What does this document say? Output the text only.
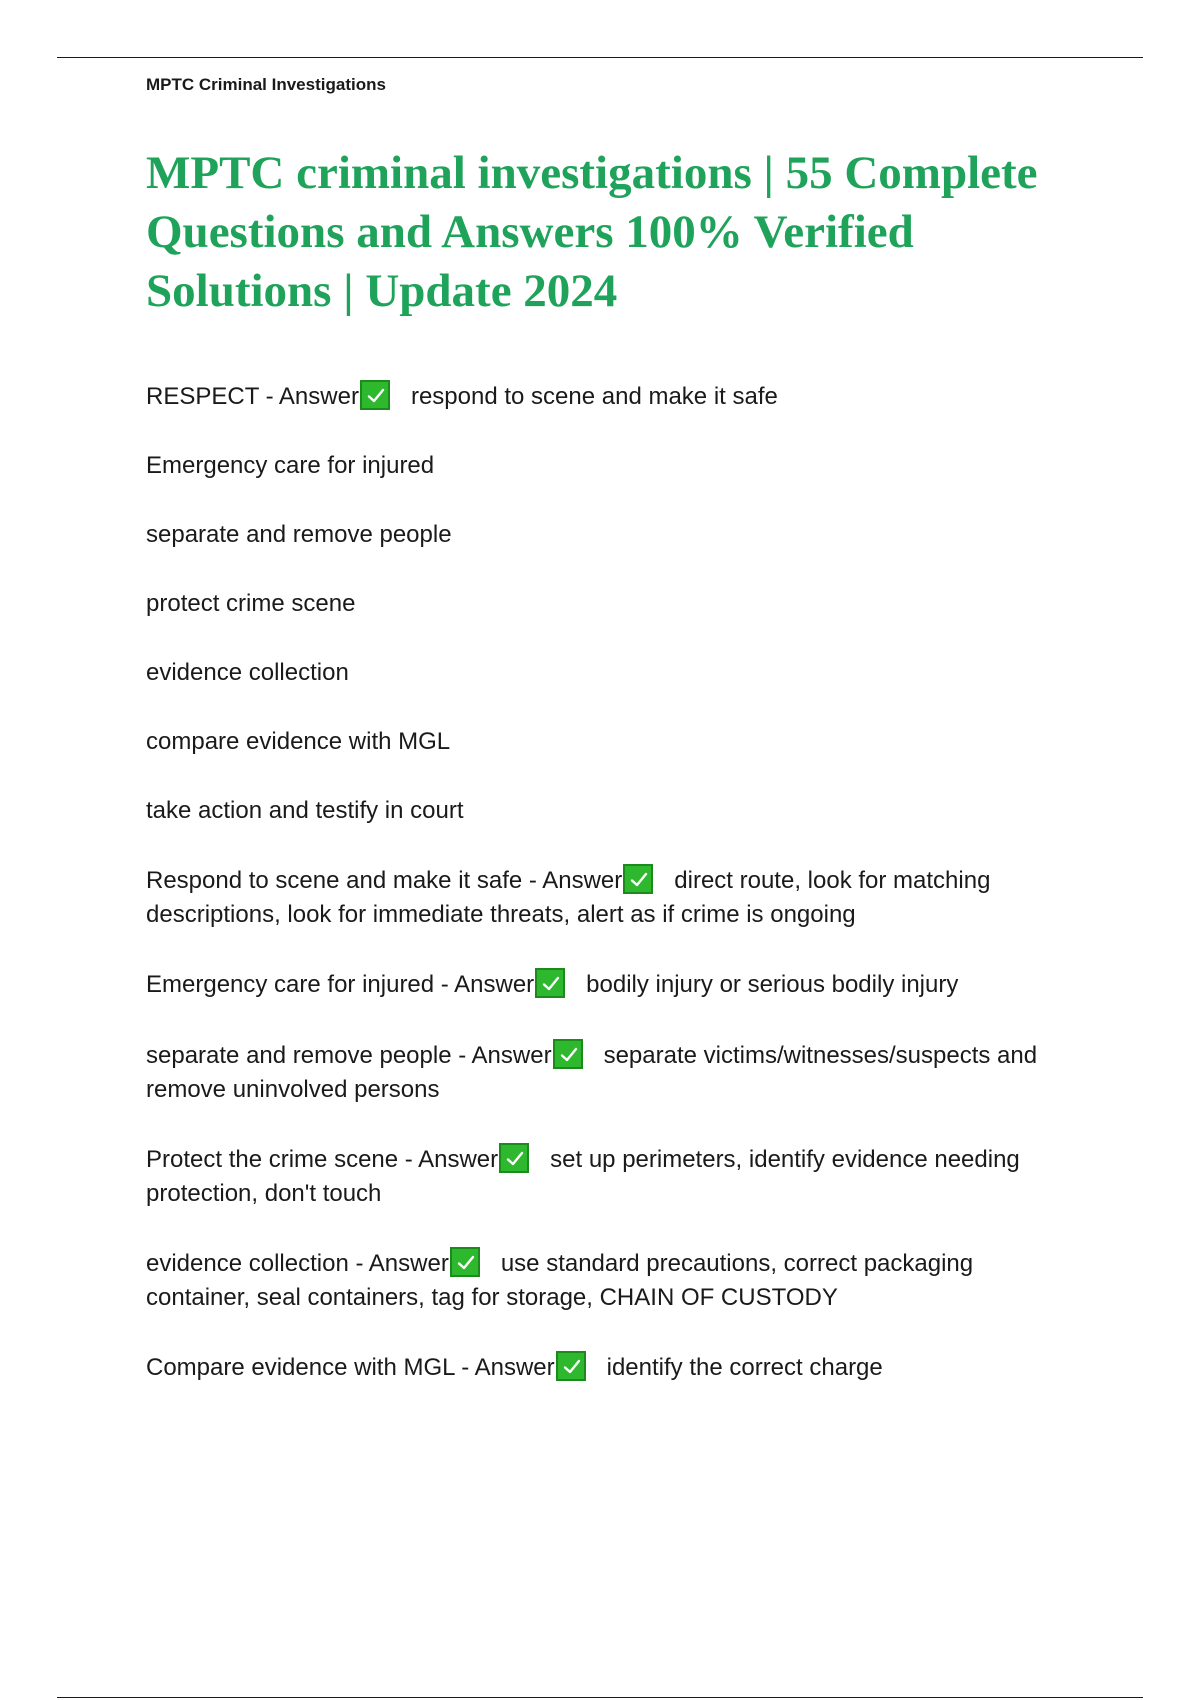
MPTC Criminal Investigations
MPTC criminal investigations | 55 Complete Questions and Answers 100% Verified Solutions | Update 2024

RESPECT - Answer respond to scene and make it safe

Emergency care for injured

separate and remove people

protect crime scene

evidence collection

compare evidence with MGL

take action and testify in court

Respond to scene and make it safe - Answer direct route, look for matching descriptions, look for immediate threats, alert as if crime is ongoing

Emergency care for injured - Answer bodily injury or serious bodily injury

separate and remove people - Answer separate victims/witnesses/suspects and remove uninvolved persons

Protect the crime scene - Answer set up perimeters, identify evidence needing protection, don't touch

evidence collection - Answer use standard precautions, correct packaging container, seal containers, tag for storage, CHAIN OF CUSTODY

Compare evidence with MGL - Answer identify the correct charge
